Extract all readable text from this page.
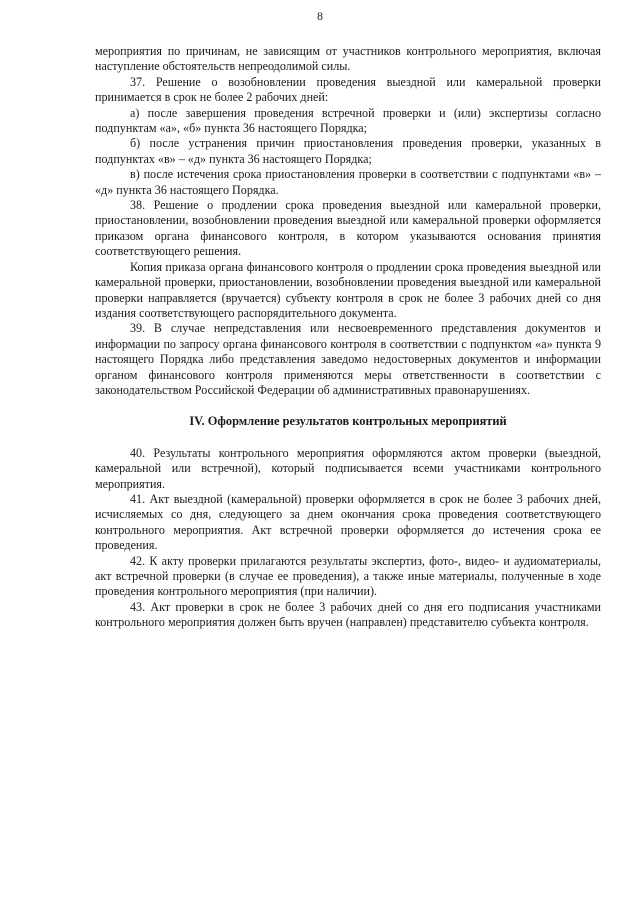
8

мероприятия по причинам, не зависящим от участников контрольного мероприятия, включая наступление обстоятельств непреодолимой силы.

37. Решение о возобновлении проведения выездной или камеральной проверки принимается в срок не более 2 рабочих дней:

а) после завершения проведения встречной проверки и (или) экспертизы согласно подпунктам «а», «б» пункта 36 настоящего Порядка;

б) после устранения причин приостановления проведения проверки, указанных в подпунктах «в» – «д» пункта 36 настоящего Порядка;

в) после истечения срока приостановления проверки в соответствии с подпунктами «в» – «д» пункта 36 настоящего Порядка.

38. Решение о продлении срока проведения выездной или камеральной проверки, приостановлении, возобновлении проведения выездной или камеральной проверки оформляется приказом органа финансового контроля, в котором указываются основания принятия соответствующего решения.

Копия приказа органа финансового контроля о продлении срока проведения выездной или камеральной проверки, приостановлении, возобновлении проведения выездной или камеральной проверки направляется (вручается) субъекту контроля в срок не более 3 рабочих дней со дня издания соответствующего распорядительного документа.

39. В случае непредставления или несвоевременного представления документов и информации по запросу органа финансового контроля в соответствии с подпунктом «а» пункта 9 настоящего Порядка либо представления заведомо недостоверных документов и информации органом финансового контроля применяются меры ответственности в соответствии с законодательством Российской Федерации об административных правонарушениях.

IV. Оформление результатов контрольных мероприятий

40. Результаты контрольного мероприятия оформляются актом проверки (выездной, камеральной или встречной), который подписывается всеми участниками контрольного мероприятия.

41. Акт выездной (камеральной) проверки оформляется в срок не более 3 рабочих дней, исчисляемых со дня, следующего за днем окончания срока проведения соответствующего контрольного мероприятия. Акт встречной проверки оформляется до истечения срока ее проведения.

42. К акту проверки прилагаются результаты экспертиз, фото-, видео- и аудиоматериалы, акт встречной проверки (в случае ее проведения), а также иные материалы, полученные в ходе проведения контрольного мероприятия (при наличии).

43. Акт проверки в срок не более 3 рабочих дней со дня его подписания участниками контрольного мероприятия должен быть вручен (направлен) представителю субъекта контроля.
